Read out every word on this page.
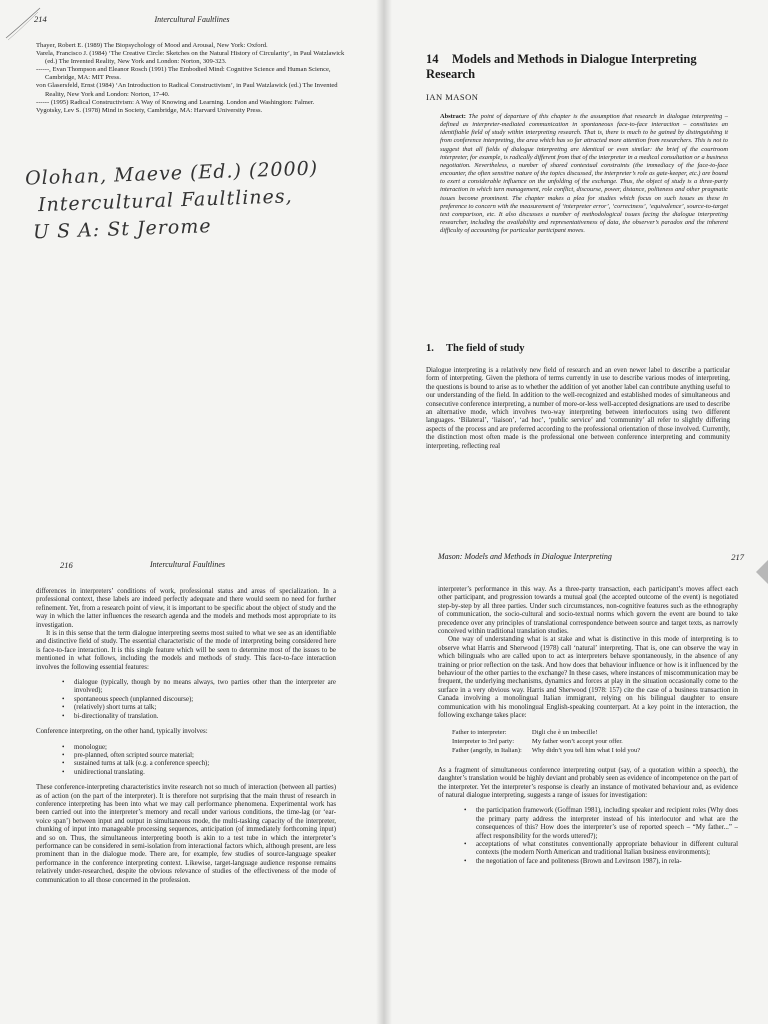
214	Intercultural Faultlines

Thayer, Robert E. (1989) The Biopsychology of Mood and Arousal, New York: Oxford.

Varela, Francisco J. (1984) ‘The Creative Circle: Sketches on the Natural History of Circularity’, in Paul Watzlawick (ed.) The Invented Reality, New York and London: Norton, 309-323.

------, Evan Thompson and Eleanor Rosch (1991) The Embodied Mind: Cognitive Science and Human Science, Cambridge, MA: MIT Press.

von Glasersfeld, Ernst (1984) ‘An Introduction to Radical Constructivism’, in Paul Watzlawick (ed.) The Invented Reality, New York and London: Norton, 17-40.

------ (1995) Radical Constructivism: A Way of Knowing and Learning. London and Washington: Falmer.

Vygotsky, Lev S. (1978) Mind in Society, Cambridge, MA: Harvard University Press.

Olohan, Maeve (Ed.) (2000)
Intercultural Faultlines,
U S A: St Jerome
14 Models and Methods in Dialogue Interpreting Research
IAN MASON
Abstract: The point of departure of this chapter is the assumption that research in dialogue interpreting – defined as interpreter-mediated communication in spontaneous face-to-face interaction – constitutes an identifiable field of study within interpreting research. That is, there is much to be gained by distinguishing it from conference interpreting, the area which has so far attracted more attention from researchers. This is not to suggest that all fields of dialogue interpreting are identical or even similar: the brief of the courtroom interpreter, for example, is radically different from that of the interpreter in a medical consultation or a business negotiation. Nevertheless, a number of shared contextual constraints (the immediacy of the face-to-face encounter, the often sensitive nature of the topics discussed, the interpreter’s role as gate-keeper, etc.) are bound to exert a considerable influence on the unfolding of the exchange. Thus, the object of study is a three-party interaction in which turn management, role conflict, discourse, power, distance, politeness and other pragmatic issues become prominent. The chapter makes a plea for studies which focus on such issues as these in preference to concern with the measurement of ‘interpreter error’, ‘correctness’, ‘equivalence’, source-to-target text comparison, etc. It also discusses a number of methodological issues facing the dialogue interpreting researcher, including the availability and representativeness of data, the observer’s paradox and the inherent difficulty of accounting for particular participant moves.
1. The field of study

Dialogue interpreting is a relatively new field of research and an even newer label to describe a particular form of interpreting. Given the plethora of terms currently in use to describe various modes of interpreting, the questions is bound to arise as to whether the addition of yet another label can contribute anything useful to our understanding of the field. In addition to the well-recognized and established modes of simultaneous and consecutive conference interpreting, a number of more-or-less well-accepted designations are used to describe an alternative mode, which involves two-way interpreting between interlocutors using two different languages. ‘Bilateral’, ‘liaison’, ‘ad hoc’, ‘public service’ and ‘community’ all refer to slightly differing aspects of the process and are preferred according to the professional orientation of those involved. Currently, the distinction most often made is the professional one between conference interpreting and community interpreting, reflecting real

216	Intercultural Faultlines

differences in interpreters’ conditions of work, professional status and areas of specialization. In a professional context, these labels are indeed perfectly adequate and there would seem no need for further refinement. Yet, from a research point of view, it is important to be specific about the object of study and the way in which the latter influences the research agenda and the models and methods most appropriate to its investigation.

It is in this sense that the term dialogue interpreting seems most suited to what we see as an identifiable and distinctive field of study. The essential characteristic of the mode of interpreting being considered here is face-to-face interaction. It is this single feature which will be seen to determine most of the issues to be mentioned in what follows, including the models and methods of study. This face-to-face interaction involves the following essential features:

• dialogue (typically, though by no means always, two parties other than the interpreter are involved);
• spontaneous speech (unplanned discourse);
• (relatively) short turns at talk;
• bi-directionality of translation.

Conference interpreting, on the other hand, typically involves:

• monologue;
• pre-planned, often scripted source material;
• sustained turns at talk (e.g. a conference speech);
• unidirectional translating.

These conference-interpreting characteristics invite research not so much of interaction (between all parties) as of action (on the part of the interpreter). It is therefore not surprising that the main thrust of research in conference interpreting has been into what we may call performance phenomena. Experimental work has been carried out into the interpreter’s memory and recall under various conditions, the time-lag (or ‘ear-voice span’) between input and output in simultaneous mode, the multi-tasking capacity of the interpreter, chunking of input into manageable processing sequences, anticipation (of immediately forthcoming input) and so on. Thus, the simultaneous interpreting booth is akin to a test tube in which the interpreter’s performance can be considered in semi-isolation from interactional factors which, although present, are less prominent than in the dialogue mode. There are, for example, few studies of source-language speaker performance in the conference interpreting context. Likewise, target-language audience response remains relatively under-researched, despite the obvious relevance of studies of the effectiveness of the mode of communication to all those concerned in the profession.

Mason: Models and Methods in Dialogue Interpreting	217

interpreter’s performance in this way. As a three-party transaction, each participant’s moves affect each other participant, and progression towards a mutual goal (the accepted outcome of the event) is negotiated step-by-step by all three parties. Under such circumstances, non-cognitive features such as the ethnography of communication, the socio-cultural and socio-textual norms which govern the event are bound to take precedence over any principles of translational correspondence between source and target texts, as narrowly conceived within traditional translation studies.

One way of understanding what is at stake and what is distinctive in this mode of interpreting is to observe what Harris and Sherwood (1978) call ‘natural’ interpreting. That is, one can observe the way in which bilinguals who are called upon to act as interpreters behave spontaneously, in the absence of any training or prior reflection on the task. And how does that behaviour influence or how is it influenced by the behaviour of the other parties to the exchange? In these cases, where instances of miscommunication may be frequent, the underlying mechanisms, dynamics and forces at play in the situation occasionally come to the surface in a very obvious way. Harris and Sherwood (1978: 157) cite the case of a business transaction in Canada involving a monolingual Italian immigrant, relying on his bilingual daughter to ensure communication with his monolingual English-speaking counterpart. At a key point in the interaction, the following exchange takes place:

Father to interpreter:	Digli che è un imbecille!
Interpreter to 3rd party:	My father won’t accept your offer.
Father (angrily, in Italian):	Why didn’t you tell him what I told you?

As a fragment of simultaneous conference interpreting output (say, of a quotation within a speech), the daughter’s translation would be highly deviant and probably seen as evidence of incompetence on the part of the interpreter. Yet the interpreter’s response is clearly an instance of motivated behaviour and, as evidence of natural dialogue interpreting, suggests a range of issues for investigation:

• the participation framework (Goffman 1981), including speaker and recipient roles (Why does the primary party address the interpreter instead of his interlocutor and what are the consequences of this? How does the interpreter’s use of reported speech – “My father...” – affect responsibility for the words uttered?);
• acceptations of what constitutes conventionally appropriate behaviour in different cultural contexts (the modern North American and traditional Italian business environments);
• the negotiation of face and politeness (Brown and Levinson 1987), in rela-
